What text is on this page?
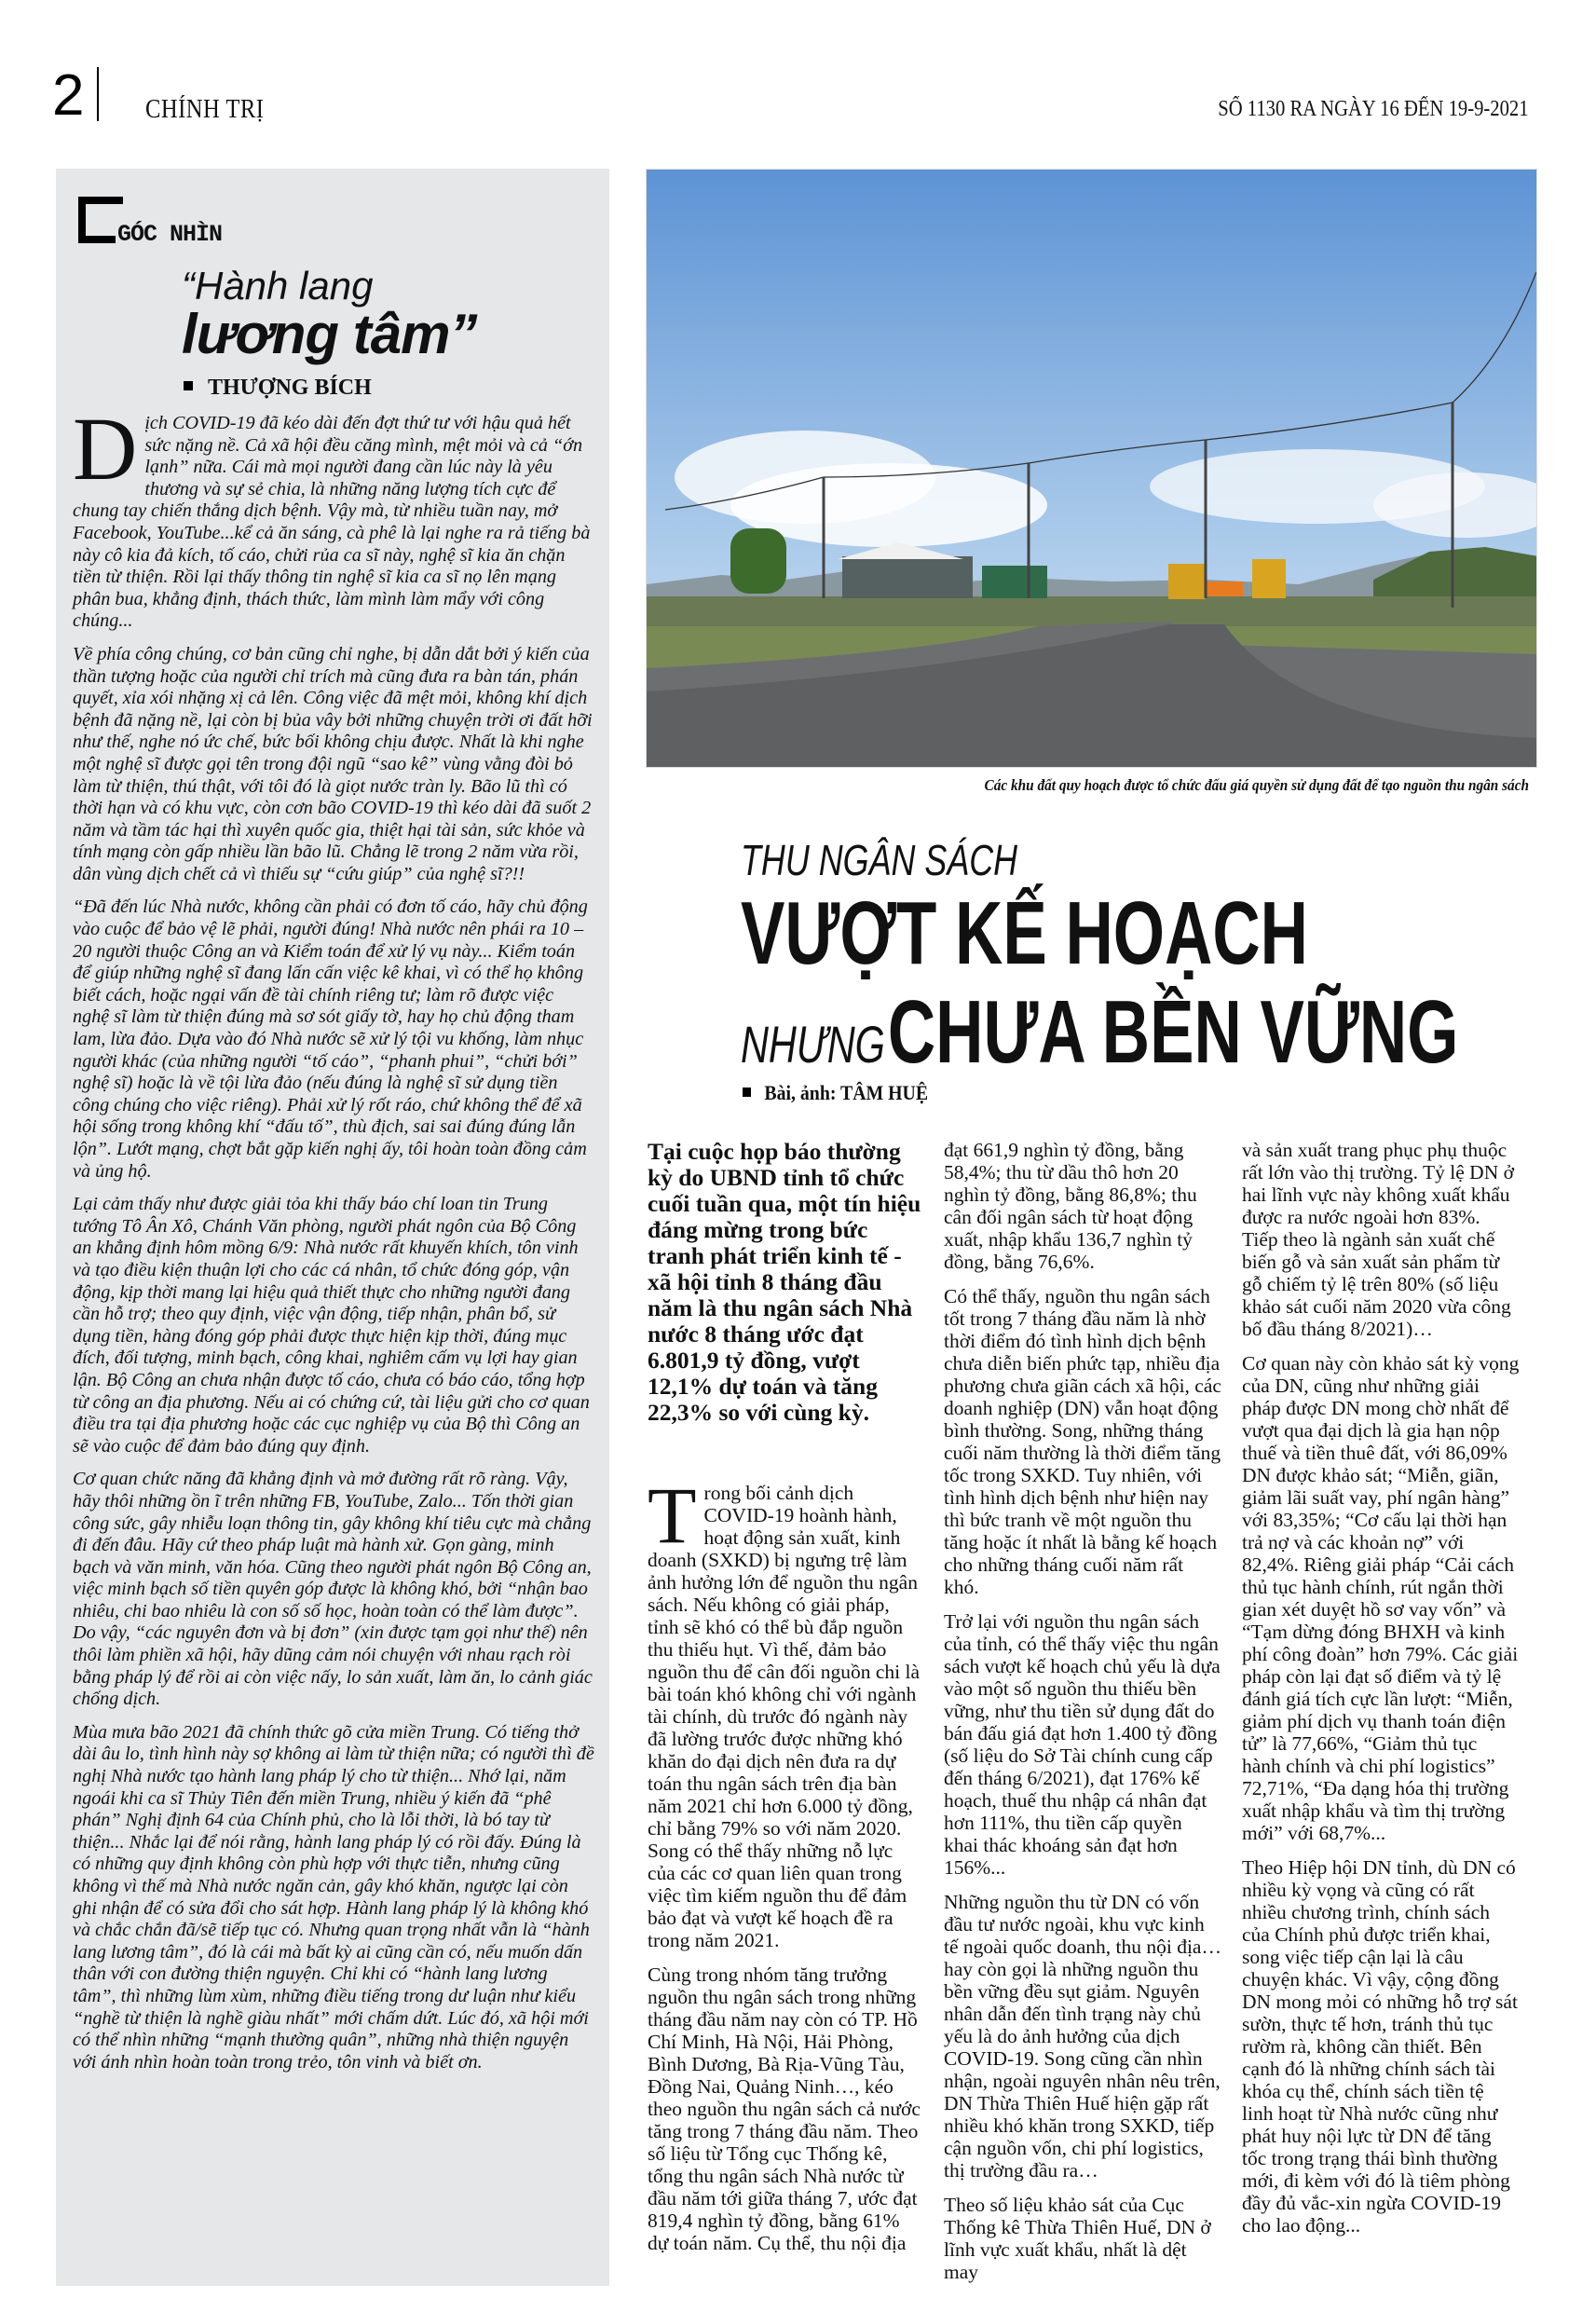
2 CHÍNH TRỊ	SỐ 1130 RA NGÀY 16 ĐẾN 19-9-2021
GÓC NHÌN
“Hành lang
lương tâm”
THƯỢNG BÍCH

Dịch COVID-19 đã kéo dài đến đợt thứ tư với hậu quả hết sức nặng nề. Cả xã hội đều căng mình, mệt mỏi và cả “ớn lạnh” nữa. Cái mà mọi người đang cần lúc này là yêu thương và sự sẻ chia, là những năng lượng tích cực để chung tay chiến thắng dịch bệnh. Vậy mà, từ nhiều tuần nay, mở Facebook, YouTube...kể cả ăn sáng, cà phê là lại nghe ra rả tiếng bà này cô kia đả kích, tố cáo, chửi rủa ca sĩ này, nghệ sĩ kia ăn chặn tiền từ thiện. Rồi lại thấy thông tin nghệ sĩ kia ca sĩ nọ lên mạng phân bua, khẳng định, thách thức, làm mình làm mẩy với công chúng...

Về phía công chúng, cơ bản cũng chỉ nghe, bị dẫn dắt bởi ý kiến của thần tượng hoặc của người chỉ trích mà cũng đưa ra bàn tán, phán quyết, xỉa xói nhặng xị cả lên. Công việc đã mệt mỏi, không khí dịch bệnh đã nặng nề, lại còn bị bủa vây bởi những chuyện trời ơi đất hỡi như thế, nghe nó ức chế, bức bối không chịu được. Nhất là khi nghe một nghệ sĩ được gọi tên trong đội ngũ “sao kê” vùng vằng đòi bỏ làm từ thiện, thú thật, với tôi đó là giọt nước tràn ly. Bão lũ thì có thời hạn và có khu vực, còn cơn bão COVID-19 thì kéo dài đã suốt 2 năm và tầm tác hại thì xuyên quốc gia, thiệt hại tài sản, sức khỏe và tính mạng còn gấp nhiều lần bão lũ. Chẳng lẽ trong 2 năm vừa rồi, dân vùng dịch chết cả vì thiếu sự “cứu giúp” của nghệ sĩ?!!

“Đã đến lúc Nhà nước, không cần phải có đơn tố cáo, hãy chủ động vào cuộc để bảo vệ lẽ phải, người đúng! Nhà nước nên phái ra 10 – 20 người thuộc Công an và Kiểm toán để xử lý vụ này... Kiểm toán để giúp những nghệ sĩ đang lấn cấn việc kê khai, vì có thể họ không biết cách, hoặc ngại vấn đề tài chính riêng tư; làm rõ được việc nghệ sĩ làm từ thiện đúng mà sơ sót giấy tờ, hay họ chủ động tham lam, lừa đảo. Dựa vào đó Nhà nước sẽ xử lý tội vu khống, làm nhục người khác (của những người “tố cáo”, “phanh phui”, “chửi bới” nghệ sĩ) hoặc là về tội lừa đảo (nếu đúng là nghệ sĩ sử dụng tiền công chúng cho việc riêng). Phải xử lý rốt ráo, chứ không thể để xã hội sống trong không khí “đấu tố”, thù địch, sai sai đúng đúng lẫn lộn”. Lướt mạng, chợt bắt gặp kiến nghị ấy, tôi hoàn toàn đồng cảm và ủng hộ.

Lại cảm thấy như được giải tỏa khi thấy báo chí loan tin Trung tướng Tô Ân Xô, Chánh Văn phòng, người phát ngôn của Bộ Công an khẳng định hôm mồng 6/9: Nhà nước rất khuyến khích, tôn vinh và tạo điều kiện thuận lợi cho các cá nhân, tổ chức đóng góp, vận động, kịp thời mang lại hiệu quả thiết thực cho những người đang cần hỗ trợ; theo quy định, việc vận động, tiếp nhận, phân bổ, sử dụng tiền, hàng đóng góp phải được thực hiện kịp thời, đúng mục đích, đối tượng, minh bạch, công khai, nghiêm cấm vụ lợi hay gian lận. Bộ Công an chưa nhận được tố cáo, chưa có báo cáo, tổng hợp từ công an địa phương. Nếu ai có chứng cứ, tài liệu gửi cho cơ quan điều tra tại địa phương hoặc các cục nghiệp vụ của Bộ thì Công an sẽ vào cuộc để đảm bảo đúng quy định.

Cơ quan chức năng đã khẳng định và mở đường rất rõ ràng. Vậy, hãy thôi những ồn ĩ trên những FB, YouTube, Zalo... Tốn thời gian công sức, gây nhiễu loạn thông tin, gây không khí tiêu cực mà chẳng đi đến đâu. Hãy cứ theo pháp luật mà hành xử. Gọn gàng, minh bạch và văn minh, văn hóa. Cũng theo người phát ngôn Bộ Công an, việc minh bạch số tiền quyên góp được là không khó, bởi “nhận bao nhiêu, chi bao nhiêu là con số số học, hoàn toàn có thể làm được”. Do vậy, “các nguyên đơn và bị đơn” (xin được tạm gọi như thế) nên thôi làm phiền xã hội, hãy dũng cảm nói chuyện với nhau rạch ròi bằng pháp lý để rồi ai còn việc nấy, lo sản xuất, làm ăn, lo cảnh giác chống dịch.

Mùa mưa bão 2021 đã chính thức gõ cửa miền Trung. Có tiếng thở dài âu lo, tình hình này sợ không ai làm từ thiện nữa; có người thì đề nghị Nhà nước tạo hành lang pháp lý cho từ thiện... Nhớ lại, năm ngoái khi ca sĩ Thủy Tiên đến miền Trung, nhiều ý kiến đã “phê phán” Nghị định 64 của Chính phủ, cho là lỗi thời, là bó tay từ thiện... Nhắc lại để nói rằng, hành lang pháp lý có rồi đấy. Đúng là có những quy định không còn phù hợp với thực tiễn, nhưng cũng không vì thế mà Nhà nước ngăn cản, gây khó khăn, ngược lại còn ghi nhận để có sửa đổi cho sát hợp. Hành lang pháp lý là không khó và chắc chắn đã/sẽ tiếp tục có. Nhưng quan trọng nhất vẫn là “hành lang lương tâm”, đó là cái mà bất kỳ ai cũng cần có, nếu muốn dấn thân với con đường thiện nguyện. Chỉ khi có “hành lang lương tâm”, thì những lùm xùm, những điều tiếng trong dư luận như kiểu “nghề từ thiện là nghề giàu nhất” mới chấm dứt. Lúc đó, xã hội mới có thể nhìn những “mạnh thường quân”, những nhà thiện nguyện với ánh nhìn hoàn toàn trong trẻo, tôn vinh và biết ơn.

Các khu đất quy hoạch được tổ chức đấu giá quyền sử dụng đất để tạo nguồn thu ngân sách
THU NGÂN SÁCH
VƯỢT KẾ HOẠCH
NHƯNG CHƯA BỀN VỮNG
Bài, ảnh: TÂM HUỆ

Tại cuộc họp báo thường kỳ do UBND tỉnh tổ chức cuối tuần qua, một tín hiệu đáng mừng trong bức tranh phát triển kinh tế - xã hội tỉnh 8 tháng đầu năm là thu ngân sách Nhà nước 8 tháng ước đạt 6.801,9 tỷ đồng, vượt 12,1% dự toán và tăng 22,3% so với cùng kỳ.

Trong bối cảnh dịch COVID-19 hoành hành, hoạt động sản xuất, kinh doanh (SXKD) bị ngưng trệ làm ảnh hưởng lớn để nguồn thu ngân sách. Nếu không có giải pháp, tỉnh sẽ khó có thể bù đắp nguồn thu thiếu hụt. Vì thế, đảm bảo nguồn thu để cân đối nguồn chi là bài toán khó không chỉ với ngành tài chính, dù trước đó ngành này đã lường trước được những khó khăn do đại dịch nên đưa ra dự toán thu ngân sách trên địa bàn năm 2021 chỉ hơn 6.000 tỷ đồng, chỉ bằng 79% so với năm 2020. Song có thể thấy những nỗ lực của các cơ quan liên quan trong việc tìm kiếm nguồn thu để đảm bảo đạt và vượt kế hoạch đề ra trong năm 2021.

Cùng trong nhóm tăng trưởng nguồn thu ngân sách trong những tháng đầu năm nay còn có TP. Hồ Chí Minh, Hà Nội, Hải Phòng, Bình Dương, Bà Rịa-Vũng Tàu, Đồng Nai, Quảng Ninh…, kéo theo nguồn thu ngân sách cả nước tăng trong 7 tháng đầu năm. Theo số liệu từ Tổng cục Thống kê, tổng thu ngân sách Nhà nước từ đầu năm tới giữa tháng 7, ước đạt 819,4 nghìn tỷ đồng, bằng 61% dự toán năm. Cụ thể, thu nội địa

đạt 661,9 nghìn tỷ đồng, bằng 58,4%; thu từ dầu thô hơn 20 nghìn tỷ đồng, bằng 86,8%; thu cân đối ngân sách từ hoạt động xuất, nhập khẩu 136,7 nghìn tỷ đồng, bằng 76,6%.

Có thể thấy, nguồn thu ngân sách tốt trong 7 tháng đầu năm là nhờ thời điểm đó tình hình dịch bệnh chưa diễn biến phức tạp, nhiều địa phương chưa giãn cách xã hội, các doanh nghiệp (DN) vẫn hoạt động bình thường. Song, những tháng cuối năm thường là thời điểm tăng tốc trong SXKD. Tuy nhiên, với tình hình dịch bệnh như hiện nay thì bức tranh về một nguồn thu tăng hoặc ít nhất là bằng kế hoạch cho những tháng cuối năm rất khó.

Trở lại với nguồn thu ngân sách của tỉnh, có thể thấy việc thu ngân sách vượt kế hoạch chủ yếu là dựa vào một số nguồn thu thiếu bền vững, như thu tiền sử dụng đất do bán đấu giá đạt hơn 1.400 tỷ đồng (số liệu do Sở Tài chính cung cấp đến tháng 6/2021), đạt 176% kế hoạch, thuế thu nhập cá nhân đạt hơn 111%, thu tiền cấp quyền khai thác khoáng sản đạt hơn 156%...

Những nguồn thu từ DN có vốn đầu tư nước ngoài, khu vực kinh tế ngoài quốc doanh, thu nội địa… hay còn gọi là những nguồn thu bền vững đều sụt giảm. Nguyên nhân dẫn đến tình trạng này chủ yếu là do ảnh hưởng của dịch COVID-19. Song cũng cần nhìn nhận, ngoài nguyên nhân nêu trên, DN Thừa Thiên Huế hiện gặp rất nhiều khó khăn trong SXKD, tiếp cận nguồn vốn, chi phí logistics, thị trường đầu ra…

Theo số liệu khảo sát của Cục Thống kê Thừa Thiên Huế, DN ở lĩnh vực xuất khẩu, nhất là dệt may

và sản xuất trang phục phụ thuộc rất lớn vào thị trường. Tỷ lệ DN ở hai lĩnh vực này không xuất khẩu được ra nước ngoài hơn 83%. Tiếp theo là ngành sản xuất chế biến gỗ và sản xuất sản phẩm từ gỗ chiếm tỷ lệ trên 80% (số liệu khảo sát cuối năm 2020 vừa công bố đầu tháng 8/2021)…

Cơ quan này còn khảo sát kỳ vọng của DN, cũng như những giải pháp được DN mong chờ nhất để vượt qua đại dịch là gia hạn nộp thuế và tiền thuê đất, với 86,09% DN được khảo sát; “Miễn, giãn, giảm lãi suất vay, phí ngân hàng” với 83,35%; “Cơ cấu lại thời hạn trả nợ và các khoản nợ” với 82,4%. Riêng giải pháp “Cải cách thủ tục hành chính, rút ngắn thời gian xét duyệt hồ sơ vay vốn” và “Tạm dừng đóng BHXH và kinh phí công đoàn” hơn 79%. Các giải pháp còn lại đạt số điểm và tỷ lệ đánh giá tích cực lần lượt: “Miễn, giảm phí dịch vụ thanh toán điện tử” là 77,66%, “Giảm thủ tục hành chính và chi phí logistics” 72,71%, “Đa dạng hóa thị trường xuất nhập khẩu và tìm thị trường mới” với 68,7%...

Theo Hiệp hội DN tỉnh, dù DN có nhiều kỳ vọng và cũng có rất nhiều chương trình, chính sách của Chính phủ được triển khai, song việc tiếp cận lại là câu chuyện khác. Vì vậy, cộng đồng DN mong mỏi có những hỗ trợ sát sườn, thực tế hơn, tránh thủ tục rườm rà, không cần thiết. Bên cạnh đó là những chính sách tài khóa cụ thể, chính sách tiền tệ linh hoạt từ Nhà nước cũng như phát huy nội lực từ DN để tăng tốc trong trạng thái bình thường mới, đi kèm với đó là tiêm phòng đầy đủ vắc-xin ngừa COVID-19 cho lao động...
